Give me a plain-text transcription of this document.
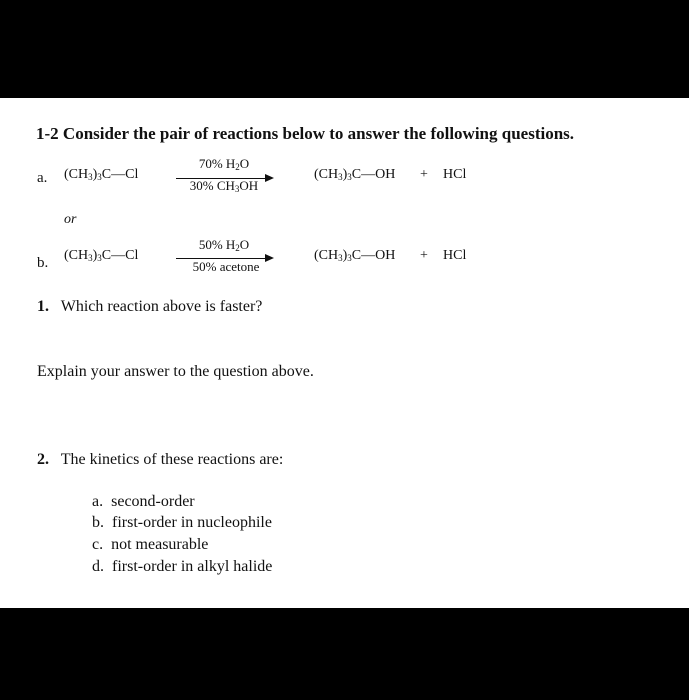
1-2 Consider the pair of reactions below to answer the following questions.
a. $(CH_3)_3C—Cl$
70% $H_2O$
30% $CH_3OH$
$(CH_3)_3C—OH$ + HCl
or
b. $(CH_3)_3C—Cl$
50% $H_2O$
50% acetone
$(CH_3)_3C—OH$ + HCl
1. Which reaction above is faster?
Explain your answer to the question above.
2. The kinetics of these reactions are:
a. second-order
b. first-order in nucleophile
c. not measurable
d. first-order in alkyl halide
